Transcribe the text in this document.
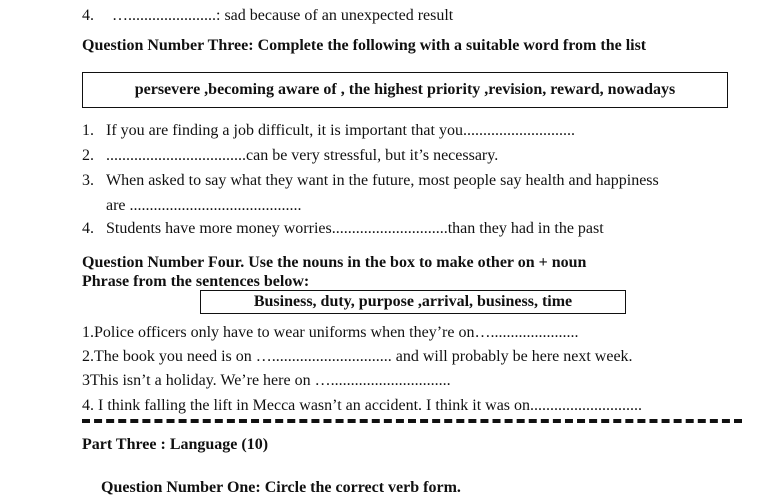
4. …......................: sad because of an unexpected result
Question Number Three: Complete the following with a suitable word from the list
persevere ,becoming aware of , the highest priority ,revision, reward, nowadays
1. If you are finding a job difficult, it is important that you............................
2. ...................................can be very stressful, but it’s necessary.
3. When asked to say what they want in the future, most people say health and happiness
are ...........................................
4. Students have more money worries.............................than they had in the past
Question Number Four. Use the nouns in the box to make other on + noun
Phrase from the sentences below:
Business, duty, purpose ,arrival, business, time
1.Police officers only have to wear uniforms when they’re on…......................
2.The book you need is on ….............................. and will probably be here next week.
3This isn’t a holiday. We’re here on …..............................
4. I think falling the lift in Mecca wasn’t an accident. I think it was on............................
Part Three : Language (10)
Question Number One: Circle the correct verb form.
